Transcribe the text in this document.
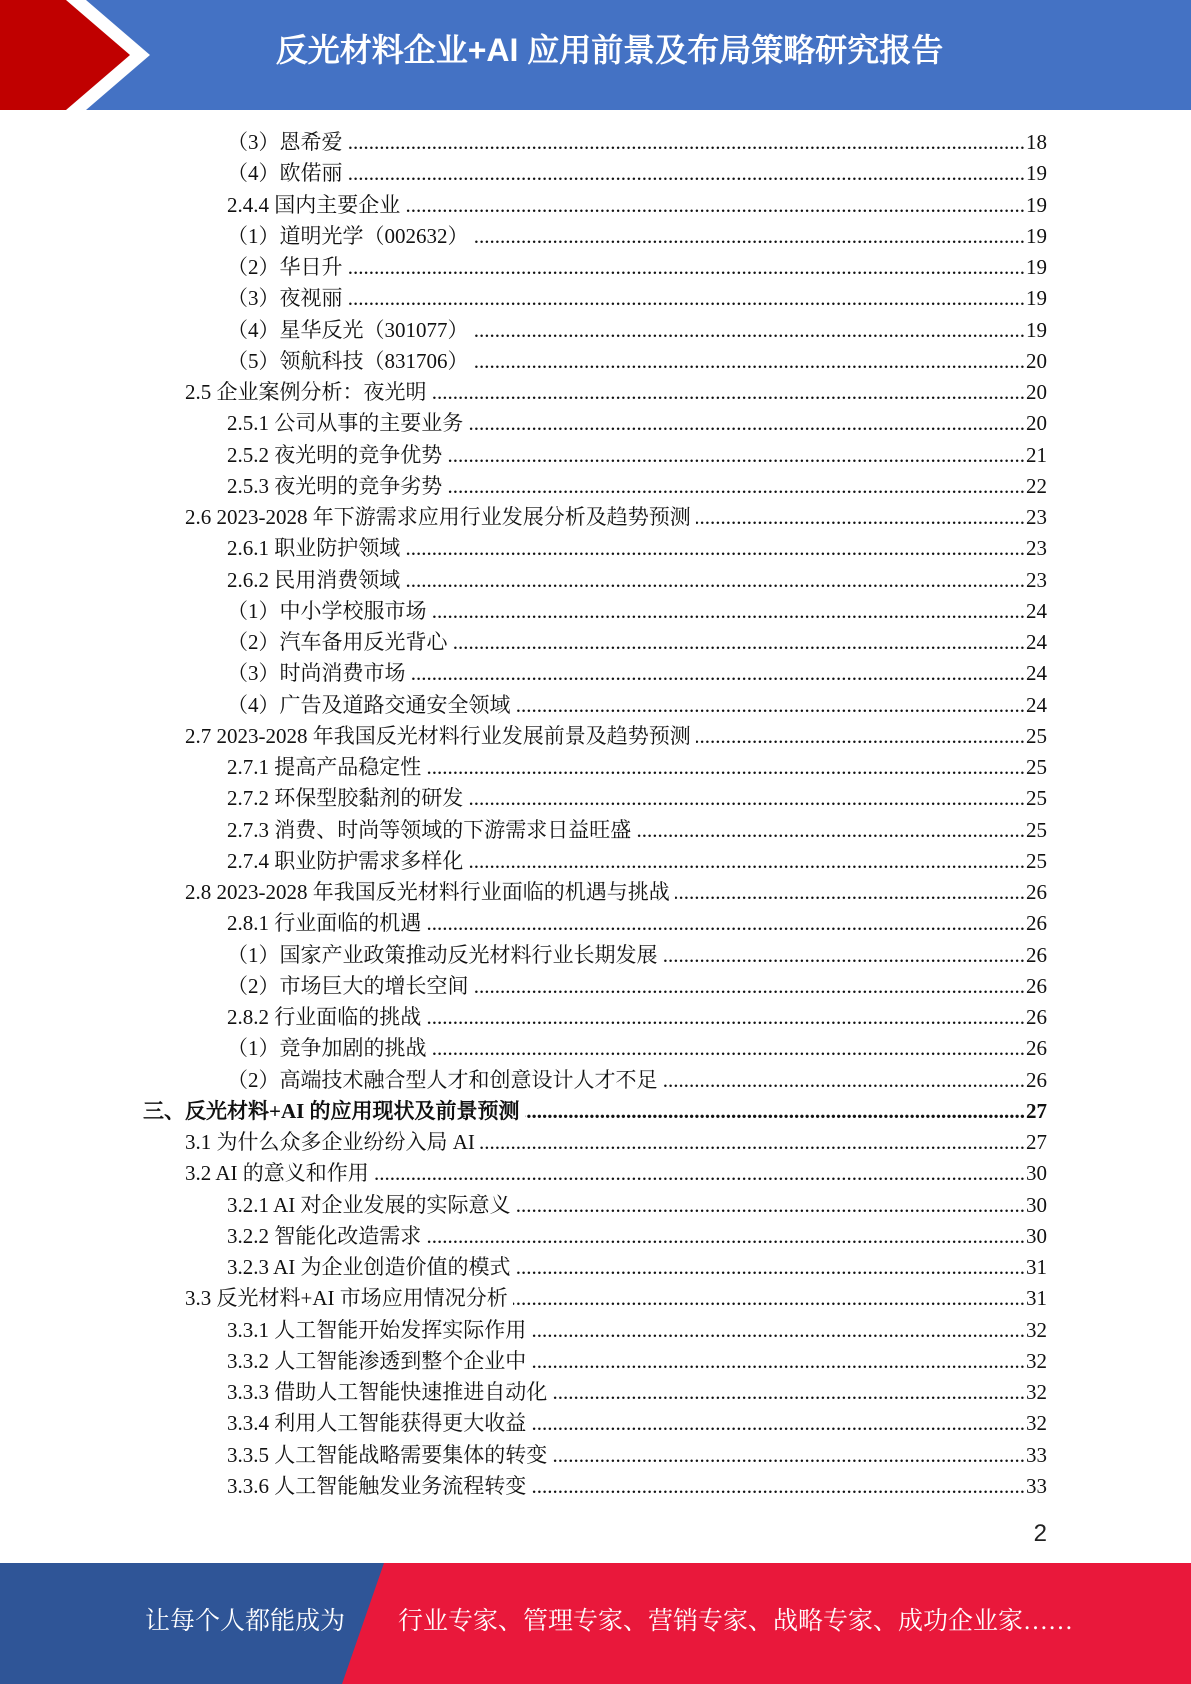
反光材料企业+AI 应用前景及布局策略研究报告
（3）恩希爱 .....	18
（4）欧偌丽 .....	19
2.4.4 国内主要企业 .....	19
（1）道明光学（002632） .....	19
（2）华日升 .....	19
（3）夜视丽 .....	19
（4）星华反光（301077） .....	19
（5）领航科技（831706） .....	20
2.5 企业案例分析：夜光明 .....	20
2.5.1 公司从事的主要业务 .....	20
2.5.2 夜光明的竞争优势 .....	21
2.5.3 夜光明的竞争劣势 .....	22
2.6 2023-2028 年下游需求应用行业发展分析及趋势预测 .....	23
2.6.1 职业防护领域 .....	23
2.6.2 民用消费领域 .....	23
（1）中小学校服市场 .....	24
（2）汽车备用反光背心 .....	24
（3）时尚消费市场 .....	24
（4）广告及道路交通安全领域 .....	24
2.7 2023-2028 年我国反光材料行业发展前景及趋势预测 .....	25
2.7.1 提高产品稳定性 .....	25
2.7.2 环保型胶黏剂的研发 .....	25
2.7.3 消费、时尚等领域的下游需求日益旺盛 .....	25
2.7.4 职业防护需求多样化 .....	25
2.8 2023-2028 年我国反光材料行业面临的机遇与挑战 .....	26
2.8.1 行业面临的机遇 .....	26
（1）国家产业政策推动反光材料行业长期发展 .....	26
（2）市场巨大的增长空间 .....	26
2.8.2 行业面临的挑战 .....	26
（1）竞争加剧的挑战 .....	26
（2）高端技术融合型人才和创意设计人才不足 .....	26
三、反光材料+AI 的应用现状及前景预测 .....	27
3.1 为什么众多企业纷纷入局 AI .....	27
3.2 AI 的意义和作用 .....	30
3.2.1 AI 对企业发展的实际意义 .....	30
3.2.2 智能化改造需求 .....	30
3.2.3 AI 为企业创造价值的模式 .....	31
3.3 反光材料+AI 市场应用情况分析 .....	31
3.3.1 人工智能开始发挥实际作用 .....	32
3.3.2 人工智能渗透到整个企业中 .....	32
3.3.3 借助人工智能快速推进自动化 .....	32
3.3.4 利用人工智能获得更大收益 .....	32
3.3.5 人工智能战略需要集体的转变 .....	33
3.3.6 人工智能触发业务流程转变 .....	33
2
让每个人都能成为 行业专家、管理专家、营销专家、战略专家、成功企业家……
